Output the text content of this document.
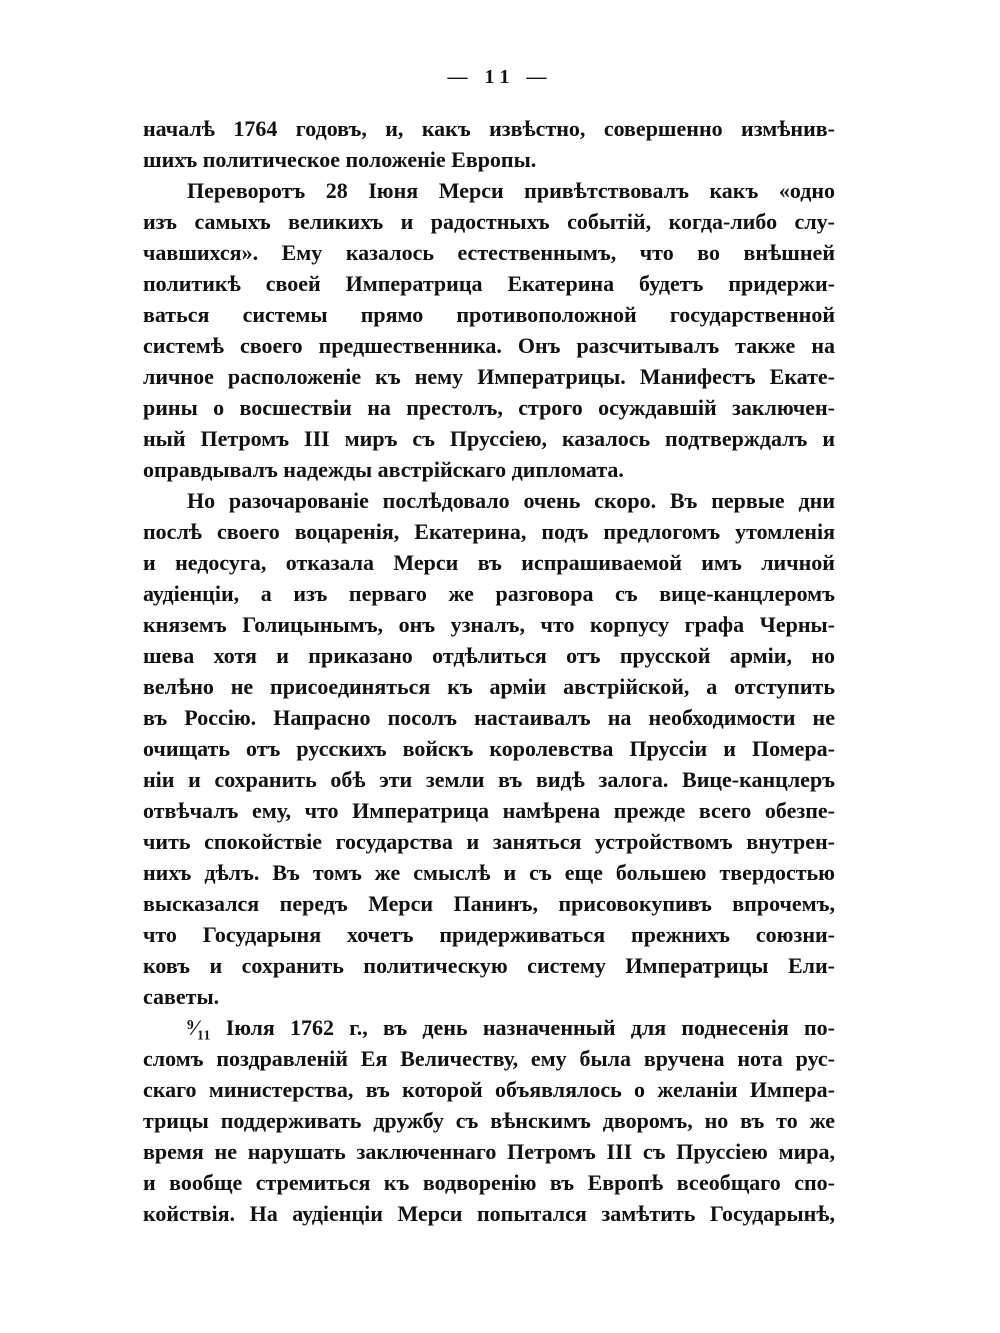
— 11 —
началѣ 1764 годовъ, и, какъ извѣстно, совершенно измѣнив-
шихъ политическое положенiе Европы.
Переворотъ 28 Iюня Мерси привѣтствовалъ какъ «одно
изъ самыхъ великихъ и радостныхъ событiй, когда-либо слу-
чавшихся». Ему казалось естественнымъ, что во внѣшней
политикѣ своей Императрица Екатерина будетъ придержи-
ваться системы прямо противоположной государственной
системѣ своего предшественника. Онъ разсчитывалъ также на
личное расположенiе къ нему Императрицы. Манифестъ Екате-
рины о восшествiи на престолъ, строго осуждавшiй заключен-
ный Петромъ III миръ съ Пруссiею, казалось подтверждалъ и
оправдывалъ надежды австрiйскаго дипломата.
Но разочарованiе послѣдовало очень скоро. Въ первые дни
послѣ своего воцаренiя, Екатерина, подъ предлогомъ утомленiя
и недосуга, отказала Мерси въ испрашиваемой имъ личной
аудiенцiи, а изъ перваго же разговора съ вице-канцлеромъ
княземъ Голицынымъ, онъ узналъ, что корпусу графа Черны-
шева хотя и приказано отдѣлиться отъ прусской армiи, но
велѣно не присоединяться къ армiи австрiйской, а отступить
въ Россiю. Напрасно посолъ настаивалъ на необходимости не
очищать отъ русскихъ войскъ королевства Пруссiи и Помера-
нiи и сохранить обѣ эти земли въ видѣ залога. Вице-канцлеръ
отвѣчалъ ему, что Императрица намѣрена прежде всего обезпе-
чить спокойствiе государства и заняться устройствомъ внутрен-
нихъ дѣлъ. Въ томъ же смыслѣ и съ еще большею твердостью
высказался передъ Мерси Панинъ, присовокупивъ впрочемъ,
что Государыня хочетъ придерживаться прежнихъ союзни-
ковъ и сохранить политическую систему Императрицы Ели-
саветы.
⁹⁄₁₁ Iюля 1762 г., въ день назначенный для поднесенiя по-
сломъ поздравленiй Ея Величеству, ему была вручена нота рус-
скаго министерства, въ которой объявлялось о желанiи Импера-
трицы поддерживать дружбу съ вѣнскимъ дворомъ, но въ то же
время не нарушать заключеннаго Петромъ III съ Пруссiею мира,
и вообще стремиться къ водворенiю въ Европѣ всеобщаго спо-
койствiя. На аудiенцiи Мерси попытался замѣтить Государынѣ,
